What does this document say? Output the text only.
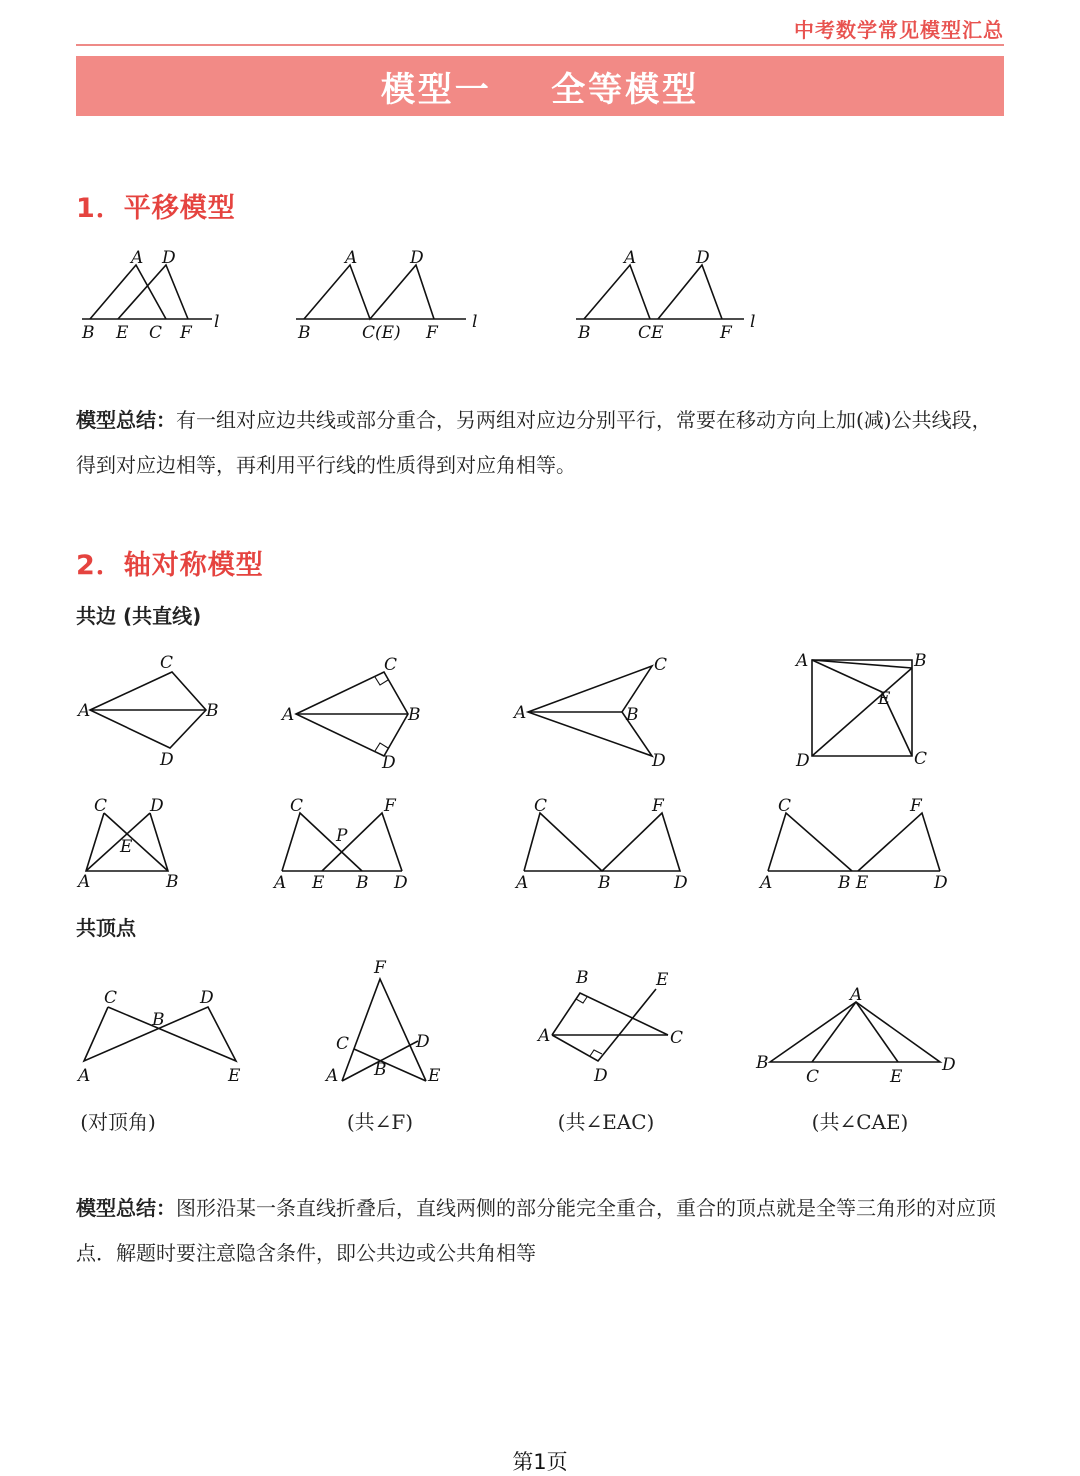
中考数学常见模型汇总
模型一    全等模型
1．平移模型
A D
B E C F
l
A	D
B	C(E) F
l
A	D
B	CE	F
l
模型总结：有一组对应边共线或部分重合，另两组对应边分别平行，常要在移动方向上加(减)公共线段，得到对应边相等，再利用平行线的性质得到对应角相等。
2．轴对称模型
共边 (共直线)
A	B
C
D
A	B
C
D
A	B
C
D
A	B
D	C
E
C	D
E
A	B
C	F
P
A E B D
C	F
A	B	D
C	F
A	B E	D
共顶点
C	D
B
A	E
F
C	D
B
A	E
B	E
A	C
D
A
B
C	E
D
(对顶角)	(共∠F)	(共∠EAC)	(共∠CAE)
模型总结：图形沿某一条直线折叠后，直线两侧的部分能完全重合，重合的顶点就是全等三角形的对应顶点．解题时要注意隐含条件，即公共边或公共角相等
第1页
